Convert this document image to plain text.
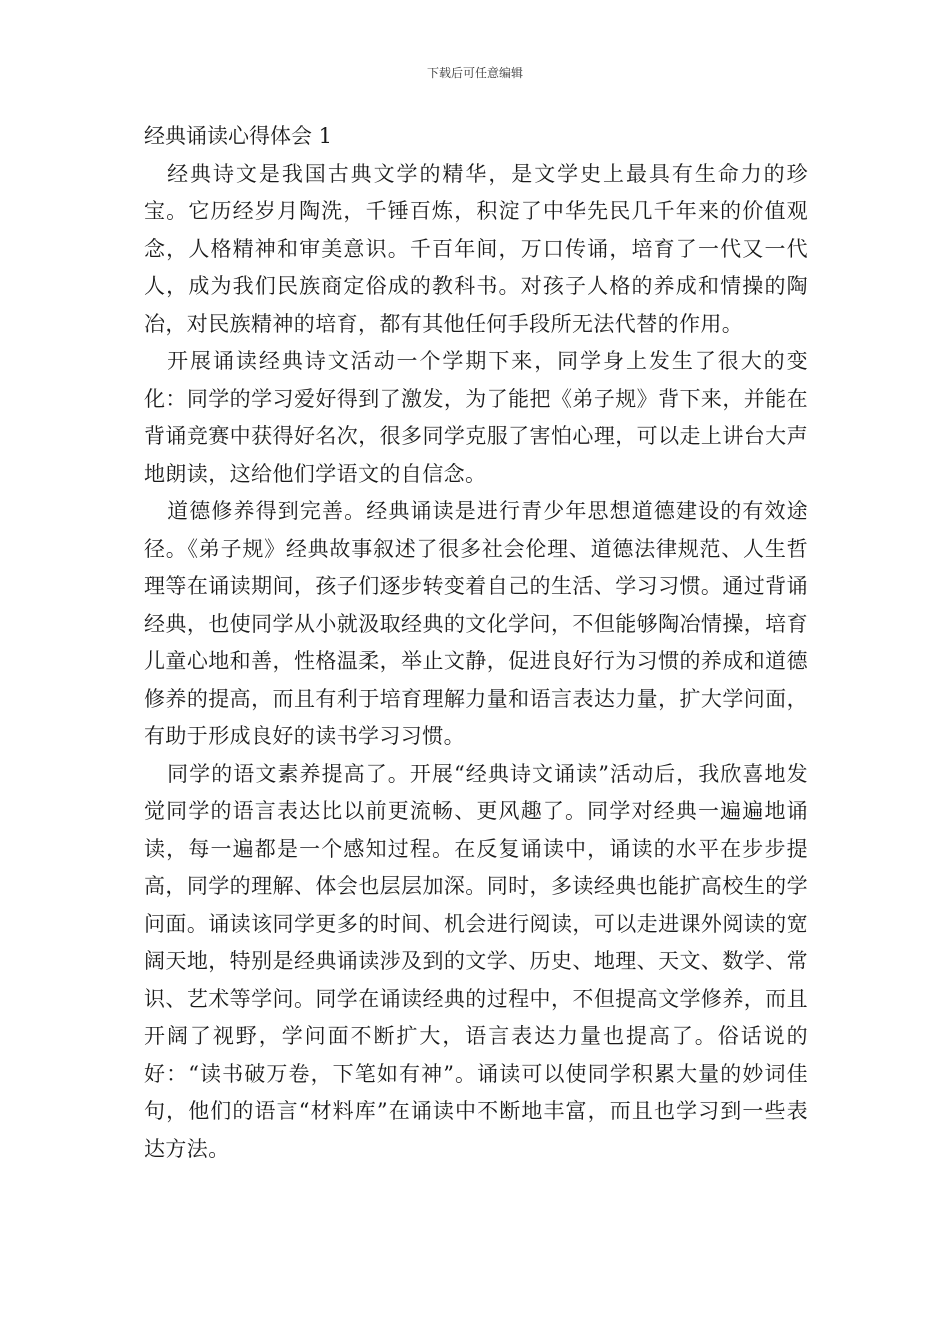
下载后可任意编辑
经典诵读心得体会 1

经典诗文是我国古典文学的精华，是文学史上最具有生命力的珍宝。它历经岁月陶洗，千锤百炼，积淀了中华先民几千年来的价值观念，人格精神和审美意识。千百年间，万口传诵，培育了一代又一代人，成为我们民族商定俗成的教科书。对孩子人格的养成和情操的陶冶，对民族精神的培育，都有其他任何手段所无法代替的作用。

开展诵读经典诗文活动一个学期下来，同学身上发生了很大的变化：同学的学习爱好得到了激发，为了能把《弟子规》背下来，并能在背诵竞赛中获得好名次，很多同学克服了害怕心理，可以走上讲台大声地朗读，这给他们学语文的自信念。

道德修养得到完善。经典诵读是进行青少年思想道德建设的有效途径。《弟子规》经典故事叙述了很多社会伦理、道德法律规范、人生哲理等在诵读期间，孩子们逐步转变着自己的生活、学习习惯。通过背诵经典，也使同学从小就汲取经典的文化学问，不但能够陶冶情操，培育儿童心地和善，性格温柔，举止文静，促进良好行为习惯的养成和道德修养的提高，而且有利于培育理解力量和语言表达力量，扩大学问面，有助于形成良好的读书学习习惯。

同学的语文素养提高了。开展“经典诗文诵读”活动后，我欣喜地发觉同学的语言表达比以前更流畅、更风趣了。同学对经典一遍遍地诵读，每一遍都是一个感知过程。在反复诵读中，诵读的水平在步步提高，同学的理解、体会也层层加深。同时，多读经典也能扩高校生的学问面。诵读该同学更多的时间、机会进行阅读，可以走进课外阅读的宽阔天地，特别是经典诵读涉及到的文学、历史、地理、天文、数学、常识、艺术等学问。同学在诵读经典的过程中，不但提高文学修养，而且开阔了视野，学问面不断扩大，语言表达力量也提高了。俗话说的好：“读书破万卷，下笔如有神”。诵读可以使同学积累大量的妙词佳句，他们的语言“材料库”在诵读中不断地丰富，而且也学习到一些表达方法。
